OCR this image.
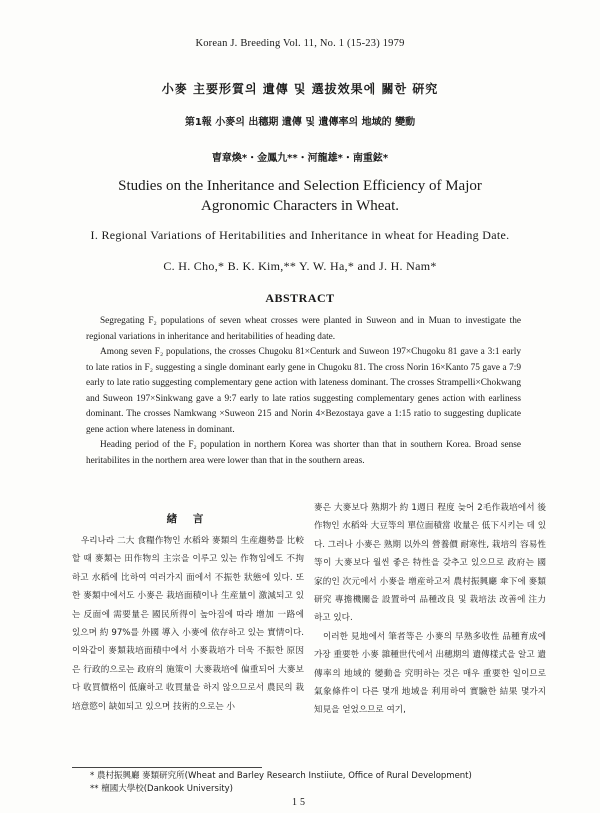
Korean J. Breeding Vol. 11, No. 1 (15-23) 1979
小麥 主要形質의 遺傳 및 選拔效果에 關한 硏究
第1報 小麥의 出穗期 遺傳 및 遺傳率의 地域的 變動
曺章煥*・金鳳九**・河龍雄*・南重鉉*
Studies on the Inheritance and Selection Efficiency of Major
Agronomic Characters in Wheat.
I. Regional Variations of Heritabilities and Inheritance in wheat for Heading Date.
C. H. Cho,* B. K. Kim,** Y. W. Ha,* and J. H. Nam*
ABSTRACT

Segregating F₂ populations of seven wheat crosses were planted in Suweon and in Muan to investigate the regional variations in inheritance and heritabilities of heading date.

Among seven F₂ populations, the crosses Chugoku 81×Centurk and Suweon 197×Chugoku 81 gave a 3:1 early to late ratios in F₂ suggesting a single dominant early gene in Chugoku 81. The cross Norin 16×Kanto 75 gave a 7:9 early to late ratio suggesting complementary gene action with lateness dominant. The crosses Strampelli×Chokwang and Suweon 197×Sinkwang gave a 9:7 early to late ratios suggesting complementary genes action with earliness dominant. The crosses Namkwang ×Suweon 215 and Norin 4×Bezostaya gave a 1:15 ratio to suggesting duplicate gene action where lateness in dominant.

Heading period of the F₂ population in northern Korea was shorter than that in southern Korea. Broad sense heritabilites in the northern area were lower than that in the southern areas.

緖 言

우리나라 二大 食糧作物인 水稻와 麥類의 生産趨勢를 比較할 때 麥類는 田作物의 主宗을 이루고 있는 作物임에도 不拘하고 水稻에 比하여 여러가지 面에서 不振한 狀態에 있다. 또한 麥類中에서도 小麥은 栽培面積이나 生産量이 激減되고 있는 反面에 需要量은 國民所得이 높아짐에 따라 增加 一路에 있으며 約 97%를 外國 導入 小麥에 依存하고 있는 實情이다. 이와같이 麥類栽培面積中에서 小麥栽培가 더욱 不振한 原因은 行政的으로는 政府의 施策이 大麥栽培에 偏重되어 大麥보다 收買價格이 低廉하고 收買量을 하지 않으므로서 農民의 栽培意慾이 缺如되고 있으며 技術的으로는 小

麥은 大麥보다 熟期가 約 1週日 程度 늦어 2毛作栽培에서 後作物인 水稻와 大豆等의 單位面積當 收量은 低下시키는 데 있다. 그러나 小麥은 熟期 以外의 營養價 耐寒性, 栽培의 容易性等이 大麥보다 월씬 좋은 特性을 갖추고 있으므로 政府는 國家的인 次元에서 小麥을 增産하고저 農村振興廳 傘下에 麥類研究 專擔機關을 設置하여 品種改良 및 栽培法 改善에 注力하고 있다.

이러한 見地에서 筆者等은 小麥의 早熟多收性 品種育成에 가장 重要한 小麥 雜種世代에서 出穗期의 遺傳樣式을 알고 遺傳率의 地域的 變動을 究明하는 것은 매우 重要한 일이므로 氣象條件이 다른 몇개 地域을 利用하여 實驗한 結果 몇가지 知見을 얻었으므로 여기,

* 農村振興廳 麥類研究所(Wheat and Barley Research Instiiute, Office of Rural Development)
** 檀國大學校(Dankook University)
15
